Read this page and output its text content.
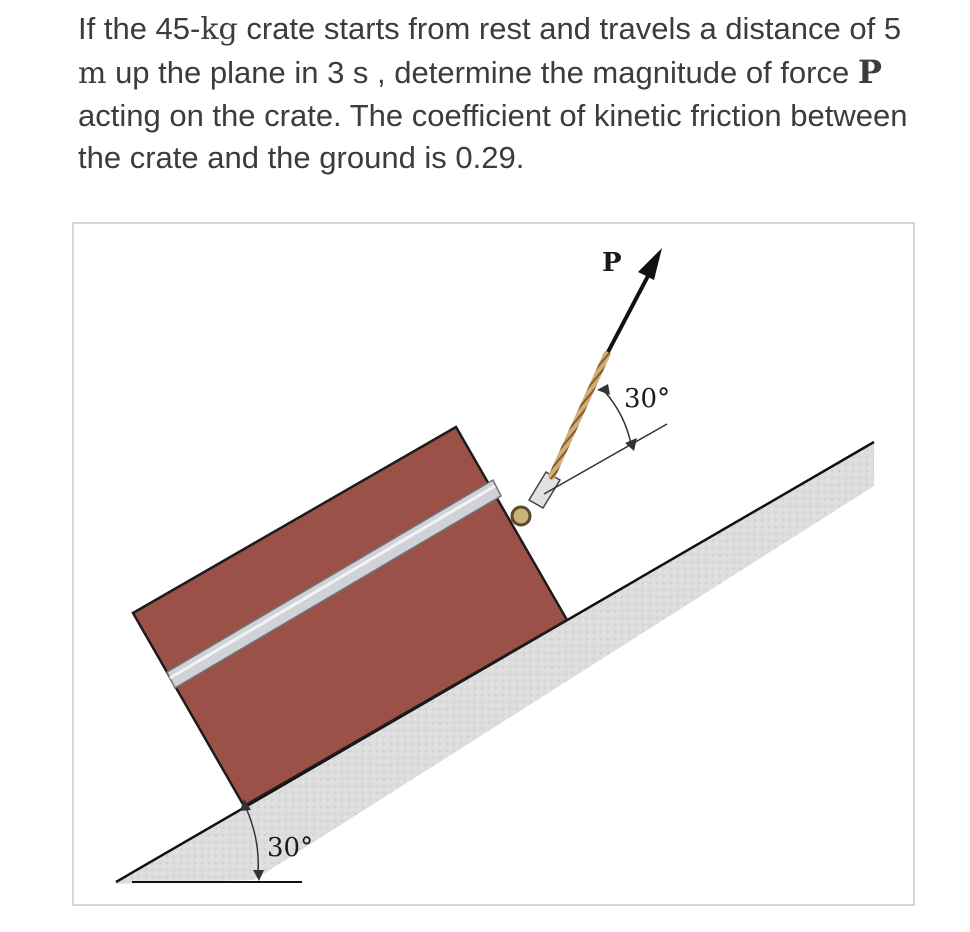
If the 45-kg crate starts from rest and travels a distance of 5 m up the plane in 3 s , determine the magnitude of force P acting on the crate. The coefficient of kinetic friction between the crate and the ground is 0.29.
P
30°
30°
